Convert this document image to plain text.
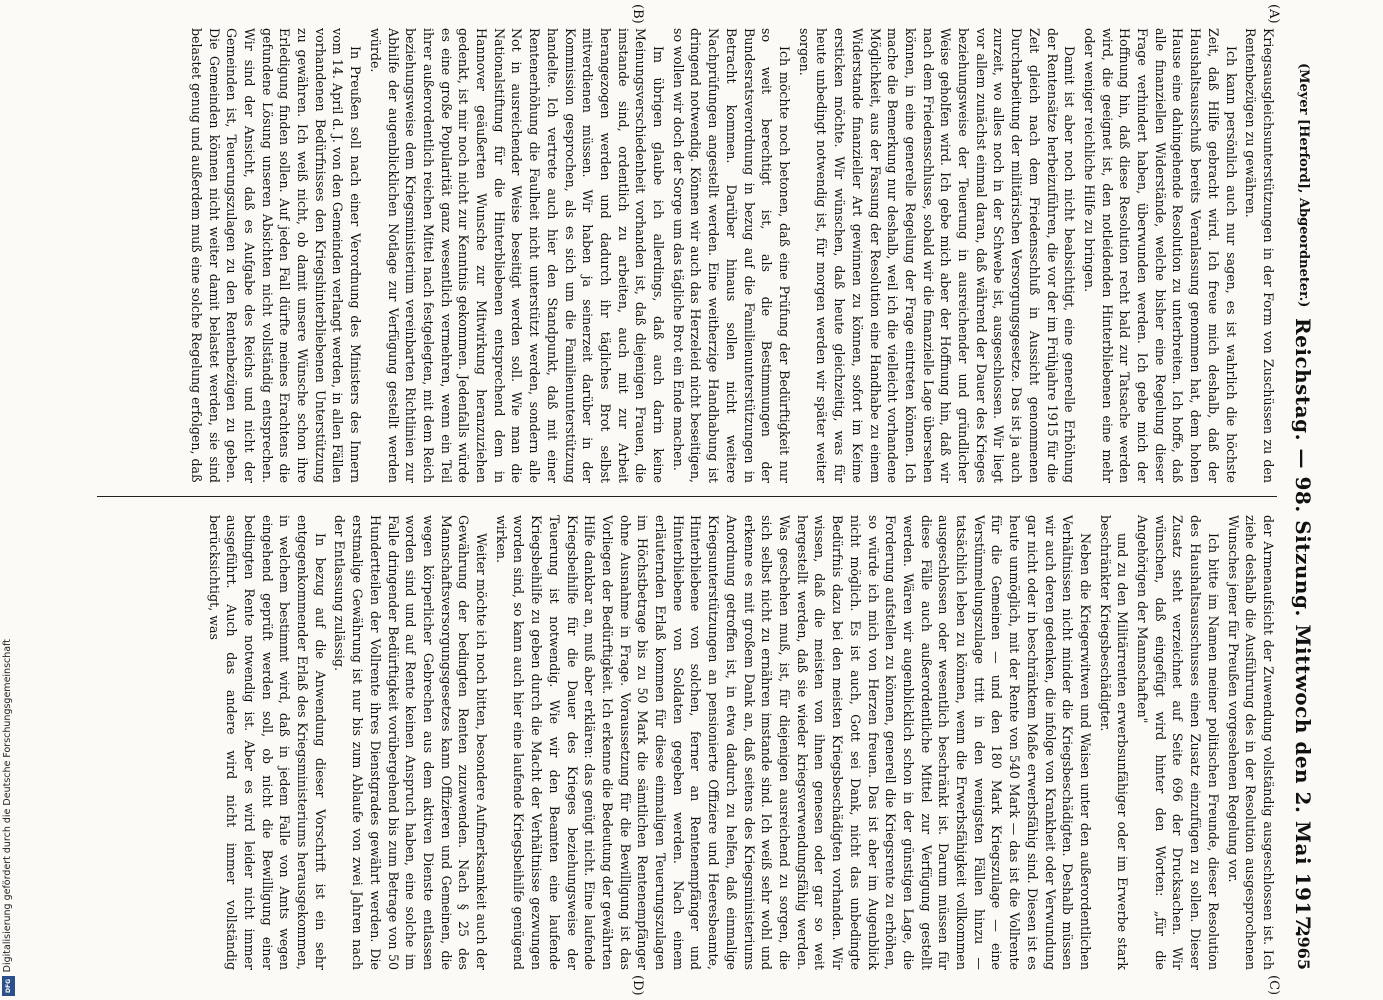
Digitalisierung gefördert durch die Deutsche Forschungsgemeinschaft
DFG
(Meyer [Herford], Abgeordneter.)
Reichstag. — 98. Sitzung. Mittwoch den 2. Mai 1917.
2965
(A)
(B)
(C)
(D)

Kriegsausgleichsunterstützungen in der Form von Zuschüssen zu den Rentenbezügen zu gewähren.

Ich kann persönlich auch nur sagen, es ist wahrlich die höchste Zeit, daß Hilfe gebracht wird. Ich freue mich deshalb, daß der Haushaltsausschuß bereits Veranlassung genommen hat, dem hohen Hause eine dahingehende Resolution zu unterbreiten. Ich hoffe, daß alle finanziellen Widerstände, welche bisher eine Regelung dieser Frage verhindert haben, überwunden werden. Ich gebe mich der Hoffnung hin, daß diese Resolution recht bald zur Tatsache werden wird, die geeignet ist, den notleidenden Hinterbliebenen eine mehr oder weniger reichliche Hilfe zu bringen.

Damit ist aber noch nicht beabsichtigt, eine generelle Erhöhung der Rentensätze herbeizuführen, die vor der im Frühjahre 1915 für die Zeit gleich nach dem Friedensschluß in Aussicht genommenen Durcharbeitung der militärischen Versorgungsgesetze. Das ist ja auch zurzeit, wo alles noch in der Schwebe ist, ausgeschlossen. Wir liegt vor allem zunächst einmal daran, daß während der Dauer des Krieges beziehungsweise der Teuerung in ausreichender und gründlicher Weise geholfen wird. Ich gebe mich aber der Hoffnung hin, daß wir nach dem Friedensschlusse, sobald wir die finanzielle Lage übersehen können, in eine generelle Regelung der Frage eintreten können. Ich mache die Bemerkung nur deshalb, weil ich die vielleicht vorhandene Möglichkeit, aus der Fassung der Resolution eine Handhabe zu einem Widerstande finanzieller Art gewinnen zu können, sofort im Keime ersticken möchte. Wir wünschen, daß heute gleichzeitig, was für heute unbedingt notwendig ist, für morgen werden wir später weiter sorgen.

Ich möchte noch betonen, daß eine Prüfung der Bedürftigkeit nur so weit berechtigt ist, als die Bestimmungen der Bundesratsverordnung in bezug auf die Familienunterstützungen in Betracht kommen. Darüber hinaus sollen nicht weitere Nachprüfungen angestellt werden. Eine weitherzige Handhabung ist dringend notwendig. Können wir auch das Herzeleid nicht beseitigen, so wollen wir doch der Sorge um das tägliche Brot ein Ende machen.

Im übrigen glaube ich allerdings, daß auch darin keine Meinungsverschiedenheit vorhanden ist, daß diejenigen Frauen, die imstande sind, ordentlich zu arbeiten, auch mit zur Arbeit herangezogen werden und dadurch ihr tägliches Brot selbst mitverdienen müssen. Wir haben ja seinerzeit darüber in der Kommission gesprochen, als es sich um die Familienunterstützung handelte. Ich vertrete auch hier den Standpunkt, daß mit einer Rentenerhöhung die Faulheit nicht unterstützt werden, sondern alle Not in ausreichender Weise beseitigt werden soll. Wie man die Nationalstiftung für die Hinterbliebenen entsprechend dem in Hannover geäußerten Wunsche zur Mitwirkung heranzuziehen gedenkt, ist mir noch nicht zur Kenntnis gekommen. Jedenfalls würde es eine große Popularität ganz wesentlich vermehren, wenn ein Teil ihrer außerordentlich reichen Mittel nach festgelegten, mit dem Reich beziehungsweise dem Kriegsministerium vereinbarten Richtlinien zur Abhilfe der augenblicklichen Notlage zur Verfügung gestellt werden würde.

In Preußen soll nach einer Verordnung des Ministers des Innern vom 14. April d. J. von den Gemeinden verlangt werden, in allen Fällen vorhandenen Bedürfnisses den Kriegshinterbliebenen Unterstützung zu gewähren. Ich weiß nicht, ob damit unsere Wünsche schon ihre Erledigung finden sollen. Auf jeden Fall dürfte meines Erachtens die gefundene Lösung unseren Absichten nicht vollständig entsprechen. Wir sind der Ansicht, daß es Aufgabe des Reichs und nicht der Gemeinden ist, Teuerungszulagen zu den Rentenbezügen zu geben. Die Gemeinden können nicht weiter damit belastet werden, sie sind belastet genug und außerdem muß eine solche Regelung erfolgen, daß

der Armenaufsicht der Zuwendung vollständig ausgeschlossen ist. Ich ziehe deshalb die Ausführung des in der Resolution ausgesprochenen Wunsches jener für Preußen vorgesehenen Regelung vor.

Ich bitte im Namen meiner politischen Freunde, dieser Resolution des Haushaltsausschusses einen Zusatz einzufügen zu sollen. Dieser Zusatz steht verzeichnet auf Seite 696 der Drucksachen. Wir wünschen, daß eingefügt wird hinter den Worten: „für die Angehörigen der Mannschaften"

und zu den Militärrenten erwerbsunfähiger oder im Erwerbe stark beschränkter Kriegsbeschädigter.

Neben die Kriegerwitwen und Waisen unter den außerordentlichen Verhältnissen nicht minder die Kriegsbeschädigten. Deshalb müssen wir auch deren gedenken, die infolge von Krankheit oder Verwundung gar nicht oder in beschränktem Maße erwerbsfähig sind. Diesen ist es heute unmöglich, mit der Rente von 540 Mark — das ist die Vollrente für die Gemeinen — und den 180 Mark Kriegszulage — eine Verstümmelungszulage tritt in den wenigsten Fällen hinzu — tatsächlich leben zu können, wenn die Erwerbsfähigkeit vollkommen ausgeschlossen oder wesentlich beschränkt ist. Darum müssen für diese Fälle auch außerordentliche Mittel zur Verfügung gestellt werden. Wären wir augenblicklich schon in der günstigen Lage, die Forderung aufstellen zu können, generell die Kriegsrente zu erhöhen, so würde ich mich von Herzen freuen. Das ist aber im Augenblick nicht möglich. Es ist auch, Gott sei Dank, nicht das unbedingte Bedürfnis dazu bei den meisten Kriegsbeschädigten vorhanden. Wir wissen, daß die meisten von ihnen genesen oder gar so weit hergestellt werden, daß sie wieder kriegsverwendungsfähig werden. Was geschehen muß, ist, für diejenigen ausreichend zu sorgen, die sich selbst nicht zu ernähren imstande sind. Ich weiß sehr wohl und erkenne es mit großem Dank an, daß seitens des Kriegsministeriums Anordnung getroffen ist, in etwa dadurch zu helfen, daß einmalige Kriegsunterstützungen an pensionierte Offiziere und Heeresbeamte, Hinterbliebene von solchen, ferner an Rentenempfänger und Hinterbliebene von Soldaten gegeben werden. Nach einem erläuternden Erlaß kommen für diese einmaligen Teuerungszulagen im Höchstbetrage bis zu 50 Mark die sämtlichen Rentenempfänger ohne Ausnahme in Frage. Voraussetzung für die Bewilligung ist das Vorliegen der Bedürftigkeit. Ich erkenne die Bedeutung der gewährten Hilfe dankbar an, muß aber erklären: das genügt nicht. Eine laufende Kriegsbeihilfe für die Dauer des Krieges beziehungsweise der Teuerung ist notwendig. Wie wir den Beamten eine laufende Kriegsbeihilfe zu geben durch die Macht der Verhältnisse gezwungen worden sind, so kann auch hier eine laufende Kriegsbeihilfe genügend wirken.

Weiter möchte ich noch bitten, besondere Aufmerksamkeit auch der Gewährung der bedingten Renten zuzuwenden. Nach § 25 des Mannschaftsversorgungsgesetzes kann Offizieren und Gemeinen, die wegen körperlicher Gebrechen aus dem aktiven Dienste entlassen worden sind und auf Rente keinen Anspruch haben, eine solche im Falle dringender Bedürftigkeit vorübergehend bis zum Betrage von 50 Hundertteilen der Vollrente ihres Dienstgrades gewährt werden. Die erstmalige Gewährung ist nur bis zum Ablaufe von zwei Jahren nach der Entlassung zulässig.

In bezug auf die Anwendung dieser Vorschrift ist ein sehr entgegenkommender Erlaß des Kriegsministeriums herausgekommen, in welchem bestimmt wird, daß in jedem Falle von Amts wegen eingehend geprüft werden soll, ob nicht die Bewilligung einer bedingten Rente notwendig ist. Aber es wird leider nicht immer ausgeführt. Auch das andere wird nicht immer vollständig berücksichtigt, was
